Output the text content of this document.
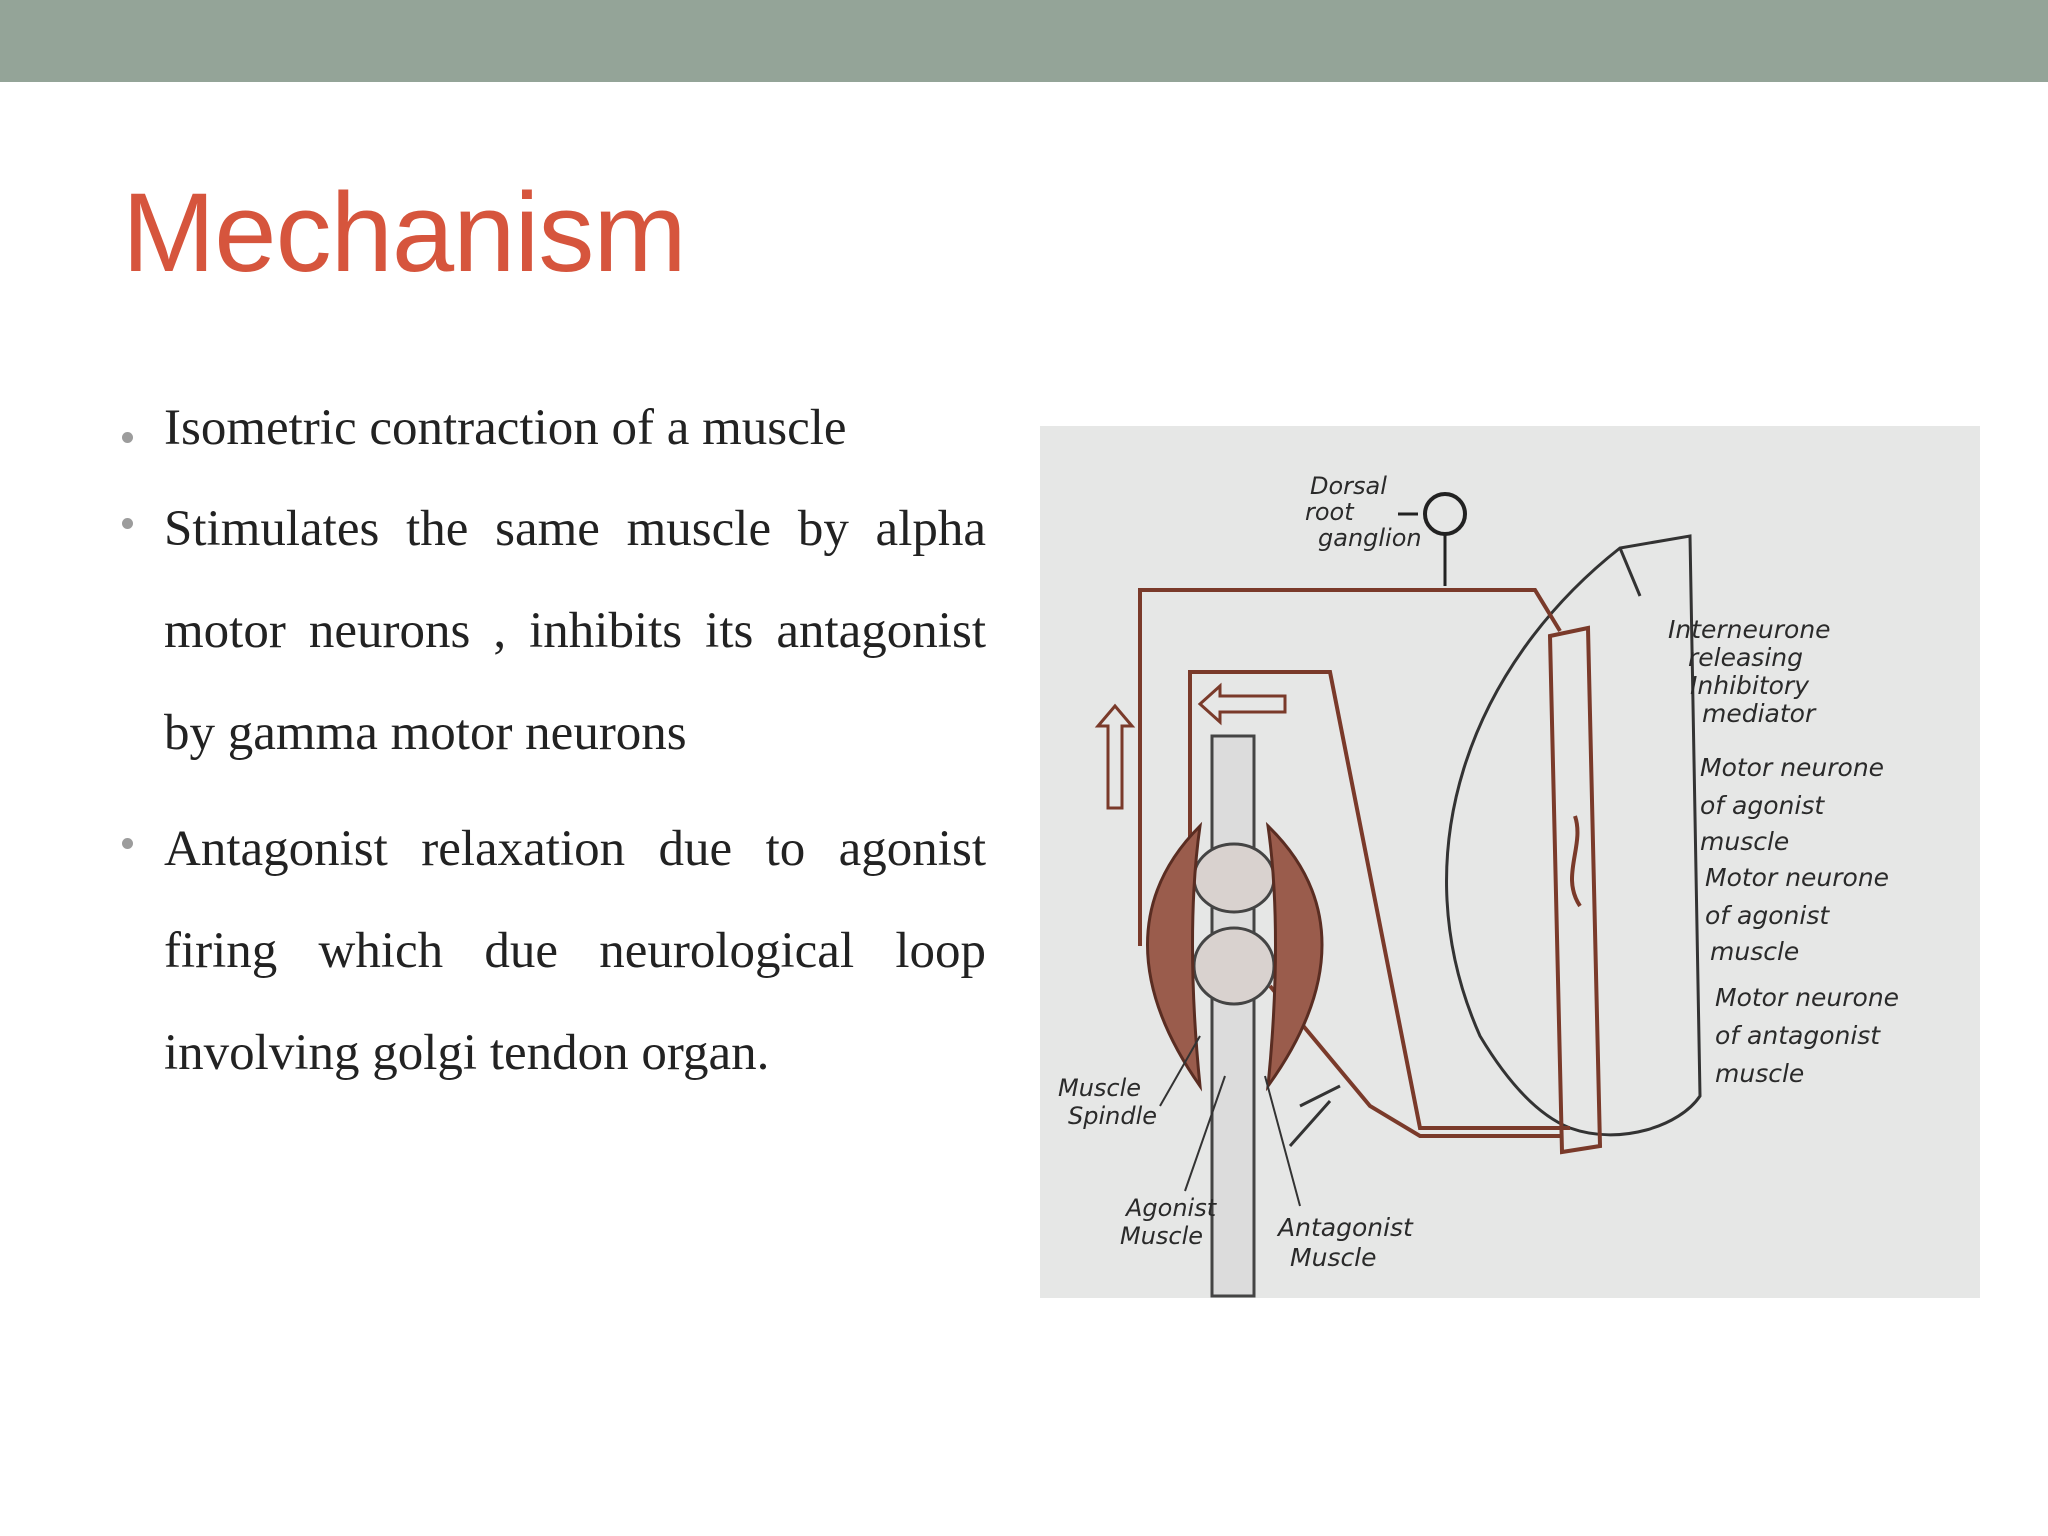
Mechanism
Isometric contraction of a muscle
Stimulates the same muscle by alpha motor neurons , inhibits its antagonist by gamma motor neurons
Antagonist relaxation due to agonist firing which due neurological loop involving golgi tendon organ.
Dorsal
root
ganglion
Interneurone
releasing
Inhibitory
mediator
Motor neurone
of agonist
muscle
Motor neurone
of agonist
muscle
Motor neurone
of antagonist
muscle
Muscle
Spindle
Agonist
Muscle	Antagonist
Muscle
